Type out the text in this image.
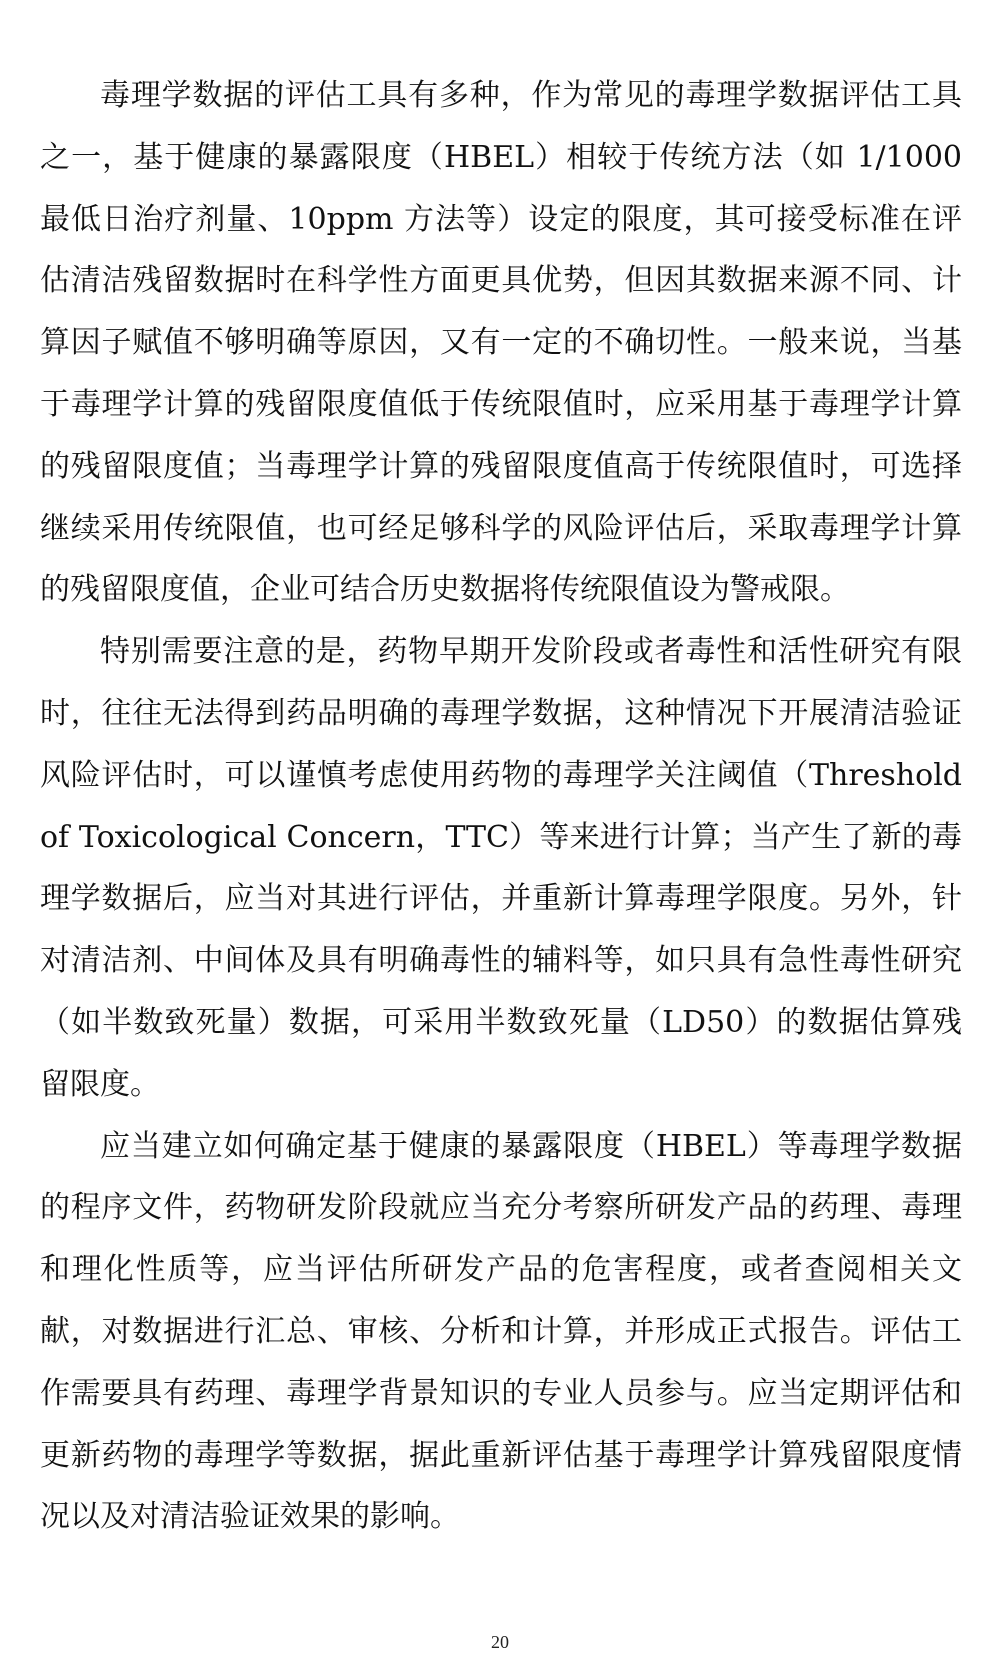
毒理学数据的评估工具有多种，作为常见的毒理学数据评估工具之一，基于健康的暴露限度（HBEL）相较于传统方法（如 1/1000 最低日治疗剂量、10ppm 方法等）设定的限度，其可接受标准在评估清洁残留数据时在科学性方面更具优势，但因其数据来源不同、计算因子赋值不够明确等原因，又有一定的不确切性。一般来说，当基于毒理学计算的残留限度值低于传统限值时，应采用基于毒理学计算的残留限度值；当毒理学计算的残留限度值高于传统限值时，可选择继续采用传统限值，也可经足够科学的风险评估后，采取毒理学计算的残留限度值，企业可结合历史数据将传统限值设为警戒限。

特别需要注意的是，药物早期开发阶段或者毒性和活性研究有限时，往往无法得到药品明确的毒理学数据，这种情况下开展清洁验证风险评估时，可以谨慎考虑使用药物的毒理学关注阈值（Threshold of Toxicological Concern，TTC）等来进行计算；当产生了新的毒理学数据后，应当对其进行评估，并重新计算毒理学限度。另外，针对清洁剂、中间体及具有明确毒性的辅料等，如只具有急性毒性研究（如半数致死量）数据，可采用半数致死量（LD50）的数据估算残留限度。

应当建立如何确定基于健康的暴露限度（HBEL）等毒理学数据的程序文件，药物研发阶段就应当充分考察所研发产品的药理、毒理和理化性质等，应当评估所研发产品的危害程度，或者查阅相关文献，对数据进行汇总、审核、分析和计算，并形成正式报告。评估工作需要具有药理、毒理学背景知识的专业人员参与。应当定期评估和更新药物的毒理学等数据，据此重新评估基于毒理学计算残留限度情况以及对清洁验证效果的影响。

20
